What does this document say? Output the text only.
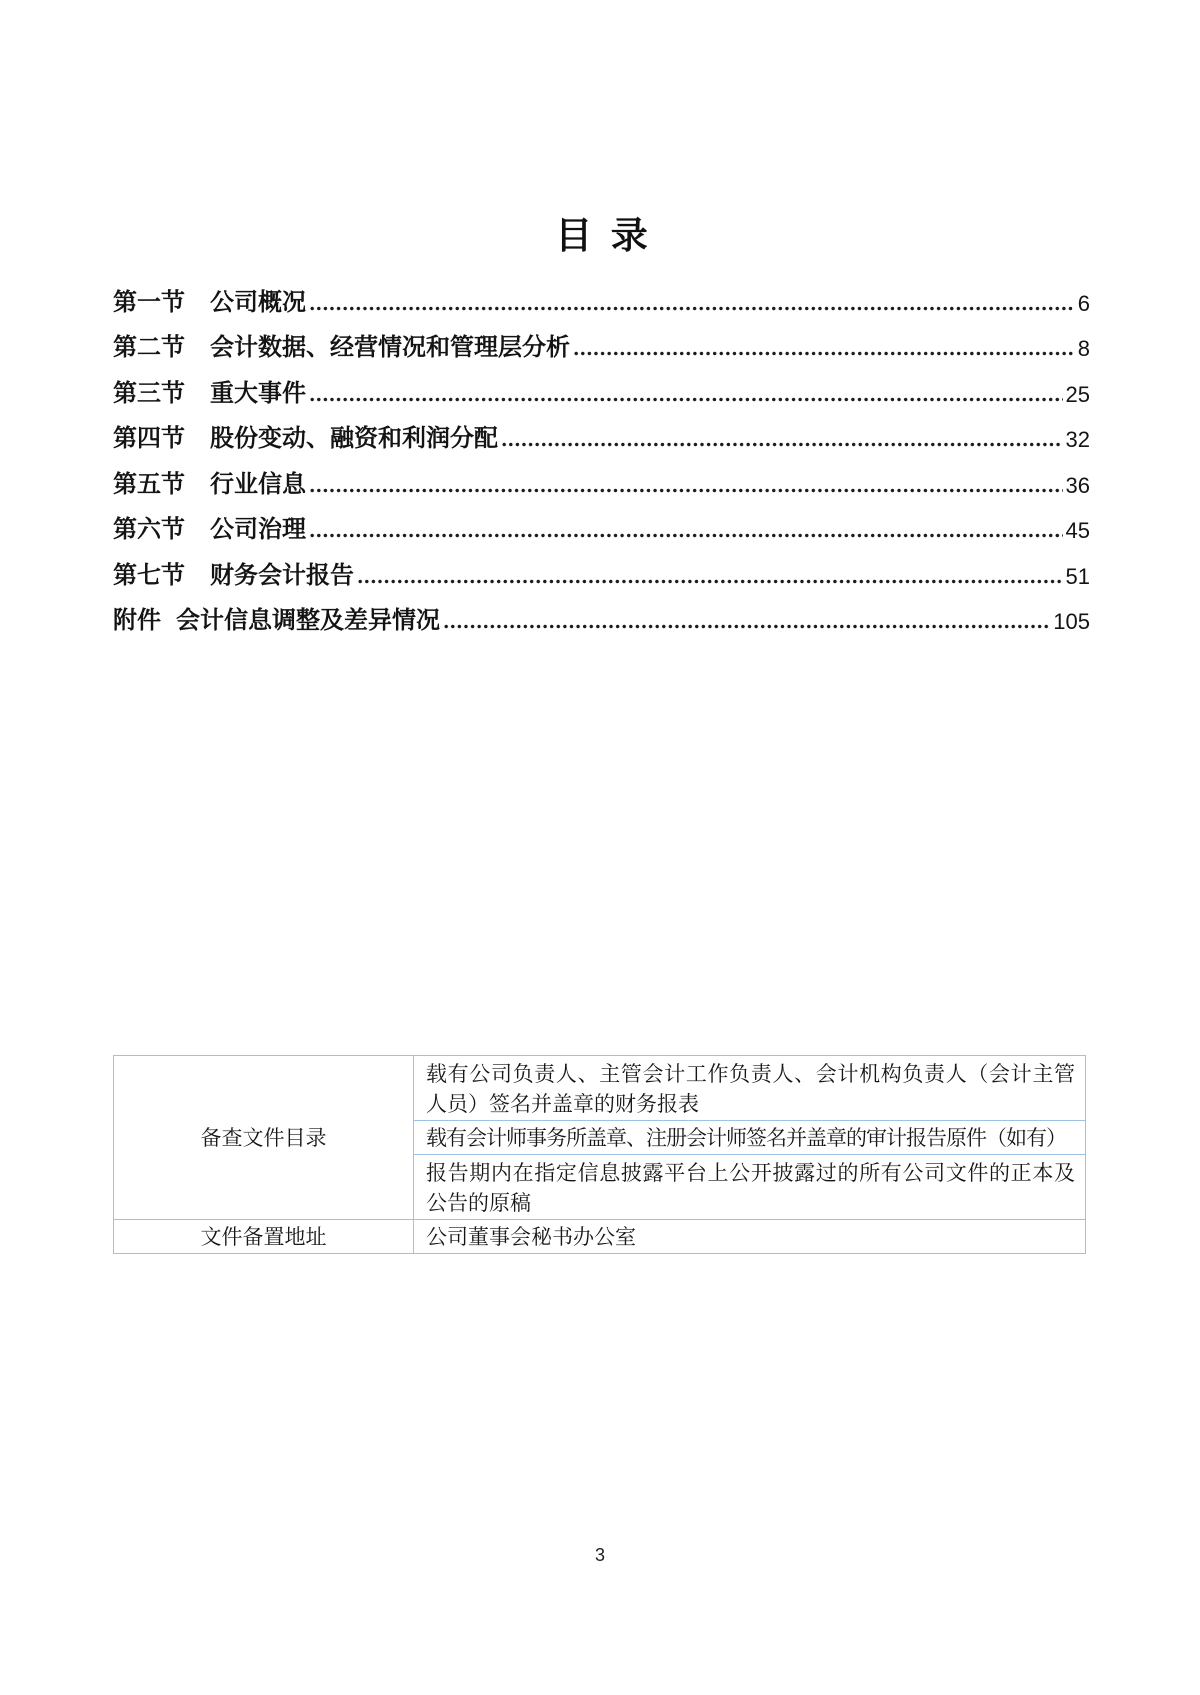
目  录
第一节	公司概况	6
第二节	会计数据、经营情况和管理层分析	8
第三节	重大事件	25
第四节	股份变动、融资和利润分配	32
第五节	行业信息	36
第六节	公司治理	45
第七节	财务会计报告	51
附件 会计信息调整及差异情况	105
备查文件目录	载有公司负责人、主管会计工作负责人、会计机构负责人（会计主管人员）签名并盖章的财务报表
	载有会计师事务所盖章、注册会计师签名并盖章的审计报告原件（如有）
	报告期内在指定信息披露平台上公开披露过的所有公司文件的正本及公告的原稿
文件备置地址	公司董事会秘书办公室
3
